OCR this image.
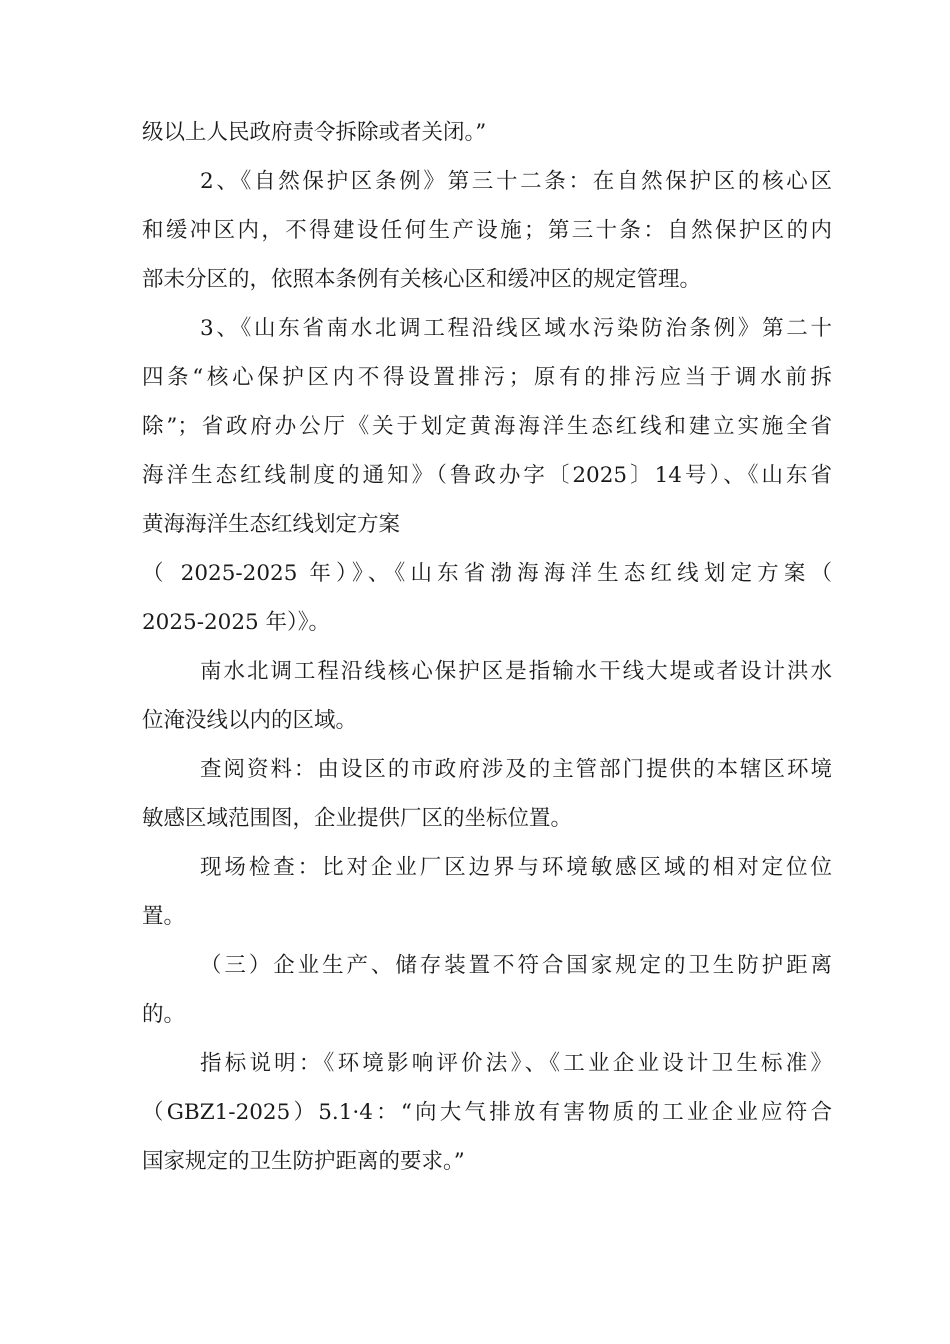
级以上人民政府责令拆除或者关闭。”
2、《自然保护区条例》第三十二条：在自然保护区的核心区
和缓冲区内，不得建设任何生产设施；第三十条：自然保护区的内
部未分区的，依照本条例有关核心区和缓冲区的规定管理。
3、《山东省南水北调工程沿线区域水污染防治条例》第二十
四条“核心保护区内不得设置排污；原有的排污应当于调水前拆
除”；省政府办公厅《关于划定黄海海洋生态红线和建立实施全省
海洋生态红线制度的通知》（鲁政办字〔2025〕14号）、《山东省
黄海海洋生态红线划定方案
（ 2025-2025 年）》、《山东省渤海海洋生态红线划定方案（
2025-2025 年）》。
南水北调工程沿线核心保护区是指输水干线大堤或者设计洪水
位淹没线以内的区域。
查阅资料：由设区的市政府涉及的主管部门提供的本辖区环境
敏感区域范围图，企业提供厂区的坐标位置。
现场检查：比对企业厂区边界与环境敏感区域的相对定位位
置。
（三）企业生产、储存装置不符合国家规定的卫生防护距离
的。
指标说明：《环境影响评价法》、《工业企业设计卫生标准》
（GBZ1-2025）5.1·4：“向大气排放有害物质的工业企业应符合
国家规定的卫生防护距离的要求。”
